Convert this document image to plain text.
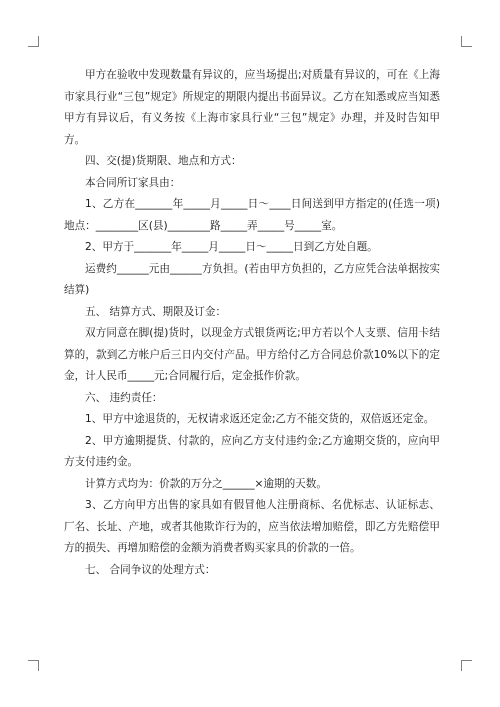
甲方在验收中发现数量有异议的，应当场提出;对质量有异议的，可在《上海市家具行业“三包”规定》所规定的期限内提出书面异议。乙方在知悉或应当知悉甲方有异议后，有义务按《上海市家具行业“三包”规定》办理，并及时告知甲方。

四、交(提)货期限、地点和方式：

本合同所订家具由：

1、乙方在_______年_____月_____日～____日间送到甲方指定的(任选一项) 地点：________区(县)________路_____弄_____号_____室。

2、甲方于_______年_____月_____日～_____日到乙方处自题。

运费约______元由______方负担。(若由甲方负担的，乙方应凭合法单据按实结算)

五、 结算方式、期限及订金：

双方同意在脚(提)货时，以现金方式银货两讫;甲方若以个人支票、信用卡结算的，款到乙方帐户后三日内交付产品。甲方给付乙方合同总价款10%以下的定金，计人民币_____元;合同履行后，定金抵作价款。

六、 违约责任：

1、甲方中途退货的，无权请求返还定金;乙方不能交货的，双倍返还定金。

2、甲方逾期提货、付款的，应向乙方支付违约金;乙方逾期交货的，应向甲方支付违约金。

计算方式均为：价款的万分之______×逾期的天数。

3、乙方向甲方出售的家具如有假冒他人注册商标、名优标志、认证标志、厂名、长址、产地，或者其他欺诈行为的，应当依法增加赔偿，即乙方先赔偿甲方的损失、再增加赔偿的金额为消费者购买家具的价款的一倍。

七、 合同争议的处理方式：
